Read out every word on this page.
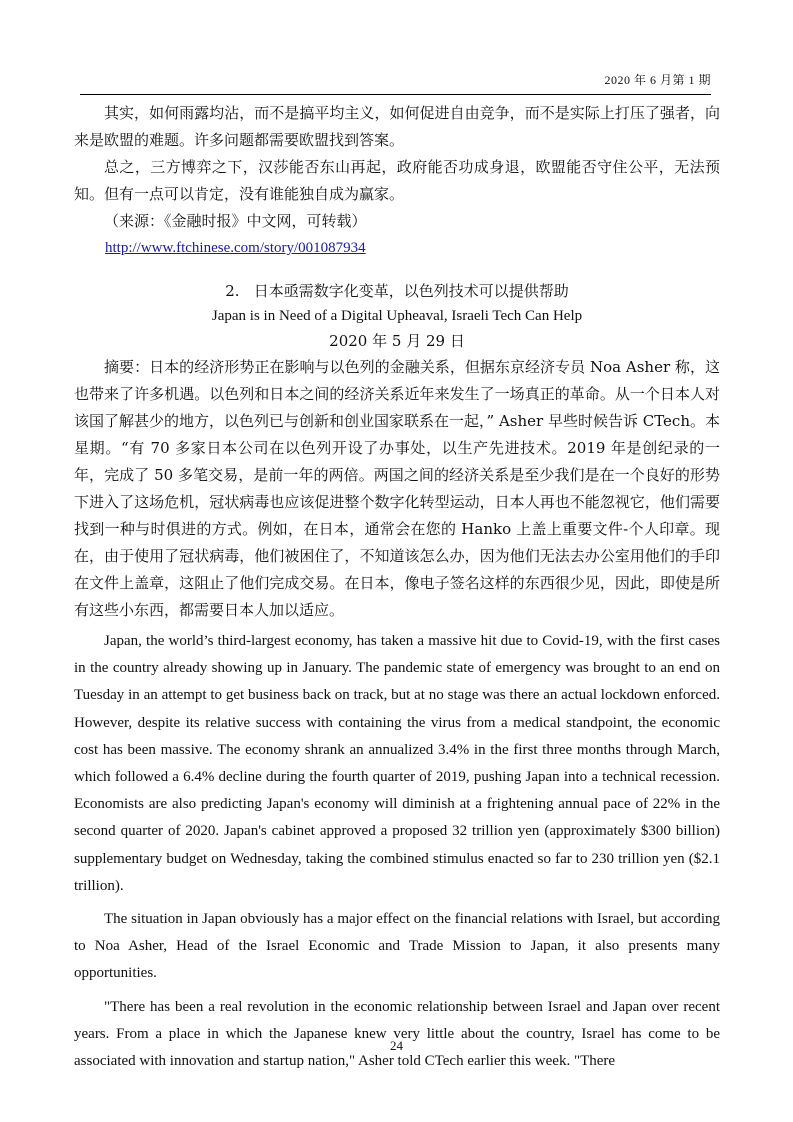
2020 年 6 月第 1 期

其实，如何雨露均沾，而不是搞平均主义，如何促进自由竞争，而不是实际上打压了强者，向来是欧盟的难题。许多问题都需要欧盟找到答案。

总之，三方博弈之下，汉莎能否东山再起，政府能否功成身退，欧盟能否守住公平，无法预知。但有一点可以肯定，没有谁能独自成为赢家。

（来源：《金融时报》中文网，可转载）

http://www.ftchinese.com/story/001087934
2.   日本亟需数字化变革，以色列技术可以提供帮助
Japan is in Need of a Digital Upheaval, Israeli Tech Can Help
2020 年 5 月 29 日

摘要：日本的经济形势正在影响与以色列的金融关系，但据东京经济专员 Noa Asher 称，这也带来了许多机遇。以色列和日本之间的经济关系近年来发生了一场真正的革命。从一个日本人对该国了解甚少的地方，以色列已与创新和创业国家联系在一起，” Asher 早些时候告诉 CTech。本星期。“有 70 多家日本公司在以色列开设了办事处，以生产先进技术。2019 年是创纪录的一年，完成了 50 多笔交易，是前一年的两倍。两国之间的经济关系是至少我们是在一个良好的形势下进入了这场危机，冠状病毒也应该促进整个数字化转型运动，日本人再也不能忽视它，他们需要找到一种与时俱进的方式。例如，在日本，通常会在您的 Hanko 上盖上重要文件-个人印章。现在，由于使用了冠状病毒，他们被困住了，不知道该怎么办，因为他们无法去办公室用他们的手印在文件上盖章，这阻止了他们完成交易。在日本，像电子签名这样的东西很少见，因此，即使是所有这些小东西，都需要日本人加以适应。

Japan, the world’s third-largest economy, has taken a massive hit due to Covid-19, with the first cases in the country already showing up in January. The pandemic state of emergency was brought to an end on Tuesday in an attempt to get business back on track, but at no stage was there an actual lockdown enforced. However, despite its relative success with containing the virus from a medical standpoint, the economic cost has been massive. The economy shrank an annualized 3.4% in the first three months through March, which followed a 6.4% decline during the fourth quarter of 2019, pushing Japan into a technical recession. Economists are also predicting Japan's economy will diminish at a frightening annual pace of 22% in the second quarter of 2020. Japan's cabinet approved a proposed 32 trillion yen (approximately $300 billion) supplementary budget on Wednesday, taking the combined stimulus enacted so far to 230 trillion yen ($2.1 trillion).

The situation in Japan obviously has a major effect on the financial relations with Israel, but according to Noa Asher, Head of the Israel Economic and Trade Mission to Japan, it also presents many opportunities.

"There has been a real revolution in the economic relationship between Israel and Japan over recent years. From a place in which the Japanese knew very little about the country, Israel has come to be associated with innovation and startup nation," Asher told CTech earlier this week. "There

24
